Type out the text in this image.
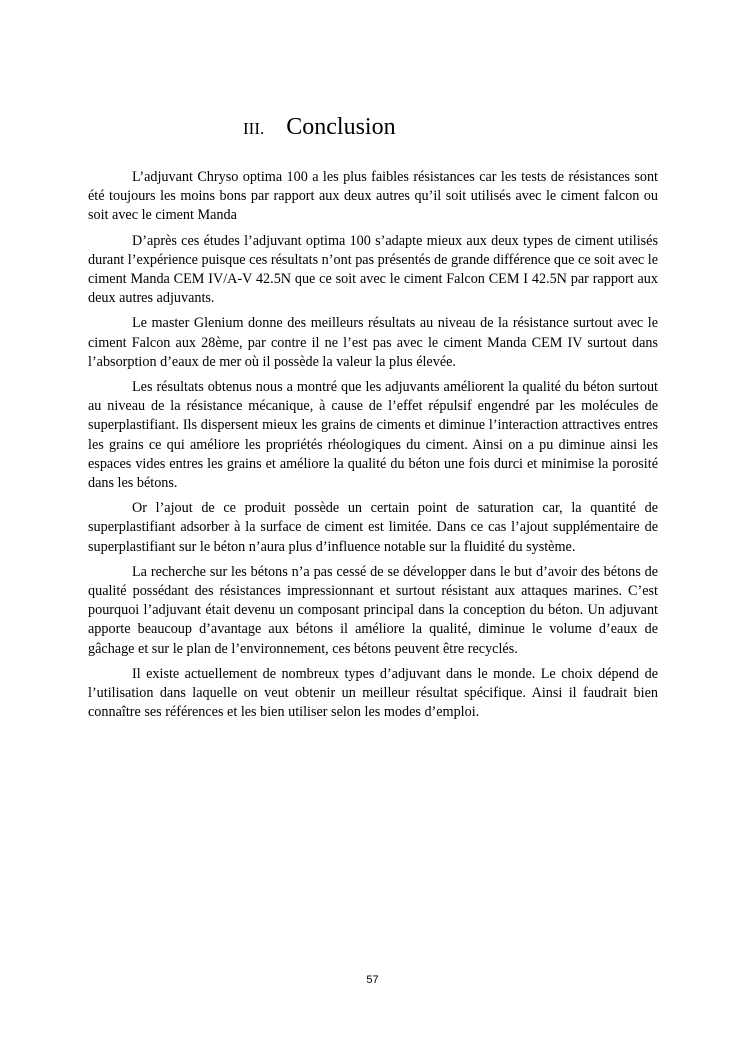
III. Conclusion

L’adjuvant Chryso optima 100 a les plus faibles résistances car les tests de résistances sont été toujours les moins bons par rapport aux deux autres qu’il soit utilisés avec le ciment falcon ou soit avec le ciment Manda

D’après ces études l’adjuvant optima 100 s’adapte mieux aux deux types de ciment utilisés durant l’expérience puisque ces résultats n’ont pas présentés de grande différence que ce soit avec le ciment Manda CEM IV/A-V 42.5N que ce soit avec le ciment Falcon CEM I 42.5N par rapport aux deux autres adjuvants.

Le master Glenium donne des meilleurs résultats au niveau de la résistance surtout avec le ciment Falcon aux 28ème, par contre il ne l’est pas avec le ciment Manda CEM IV surtout dans l’absorption d’eaux de mer où il possède la valeur la plus élevée.

Les résultats obtenus nous a montré que les adjuvants améliorent la qualité du béton surtout au niveau de la résistance mécanique, à cause de l’effet répulsif engendré par les molécules de superplastifiant. Ils dispersent mieux les grains de ciments et diminue l’interaction attractives entres les grains ce qui améliore les propriétés rhéologiques du ciment. Ainsi on a pu diminue ainsi les espaces vides entres les grains et améliore la qualité du béton une fois durci et minimise la porosité dans les bétons.

Or l’ajout de ce produit possède un certain point de saturation car, la quantité de superplastifiant adsorber à la surface de ciment est limitée. Dans ce cas l’ajout supplémentaire de superplastifiant sur le béton n’aura plus d’influence notable sur la fluidité du système.

La recherche sur les bétons n’a pas cessé de se développer dans le but d’avoir des bétons de qualité possédant des résistances impressionnant et surtout résistant aux attaques marines. C’est pourquoi l’adjuvant était devenu un composant principal dans la conception du béton. Un adjuvant apporte beaucoup d’avantage aux bétons il améliore la qualité, diminue le volume d’eaux de gâchage et sur le plan de l’environnement, ces bétons peuvent être recyclés.

Il existe actuellement de nombreux types d’adjuvant dans le monde. Le choix dépend de l’utilisation dans laquelle on veut obtenir un meilleur résultat spécifique. Ainsi il faudrait bien connaître ses références et les bien utiliser selon les modes d’emploi.

57
